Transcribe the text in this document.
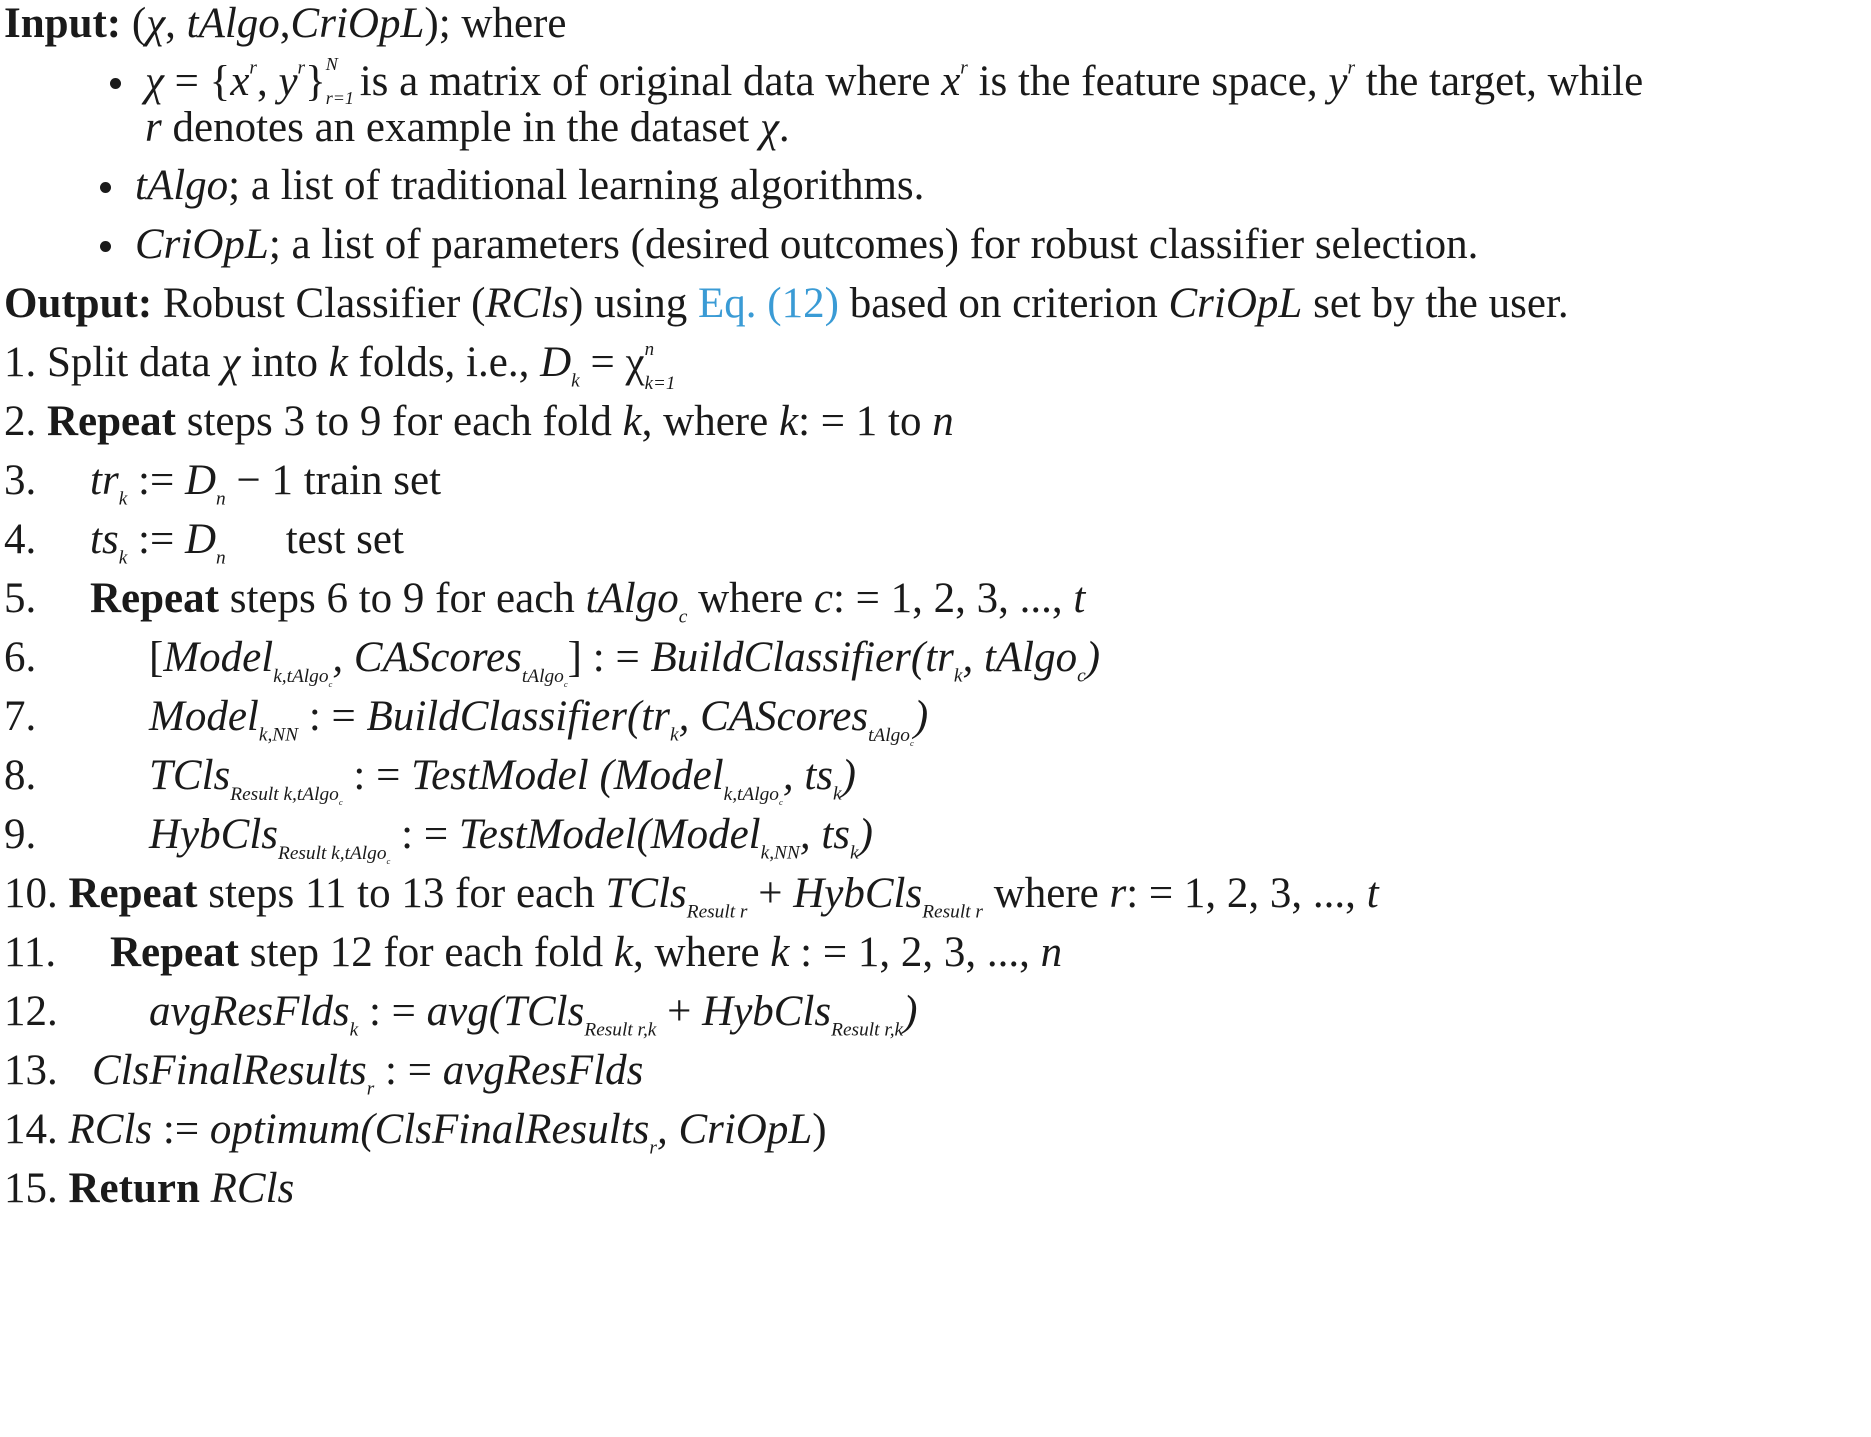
Input: (χ, tAlgo,CriOpL); where
$\chi = \{x^r$, $y^r$} N
r=1 is a matrix of original data where $x^r$ is the feature space, $y^r$ the target, while
r denotes an example in the dataset χ.
tAlgo; a list of traditional learning algorithms.
CriOpL; a list of parameters (desired outcomes) for robust classifier selection.
Output: Robust Classifier (RCls) using Eq. (12) based on criterion CriOpL set by the user.
1. Split data χ into k folds, i.e., $D_k = \chi$ n
k=1
2. Repeat steps 3 to 9 for each fold k, where k: = 1 to n
3. $tr_k$ := $D_n - 1$ train set
4. $ts_k$ := $D_n$ test set
5. Repeat steps 6 to 9 for each tAlgo$_c$ where c: = 1, 2, 3, ..., t
6.	[Model$_{k,tAlgo_c}$, CAScores$_{tAlgo_c}$] : = $BuildClassifier(tr_k$, tAlgo$_c$)
7.	Model$_{k,NN}$ : = $BuildClassifier(tr_k$, CAScores$_{tAlgo_c}$)
8.	TCls$_{Result k,tAlgo_c}$ : = TestModel (Model$_{k,tAlgo_c}$, $ts_k$)
9.	HybCls$_{Result k,tAlgo_c}$ : = TestModel(Model$_{k,NN}$, $ts_k$)
10. Repeat steps 11 to 13 for each TCls$_{Result r}$ + HybCls$_{Result r}$ where r: = 1, 2, 3, ..., t
11. Repeat step 12 for each fold k, where k : = 1, 2, 3, ..., n
12. avgResFlds$_k$ : = avg(TCls$_{Result r,k}$ + HybCls$_{Result r,k}$)
13. ClsFinalResults$_r$ : = avgResFlds
14. RCls := optimum(ClsFinalResults$_r$, CriOpL)
15. Return RCls
